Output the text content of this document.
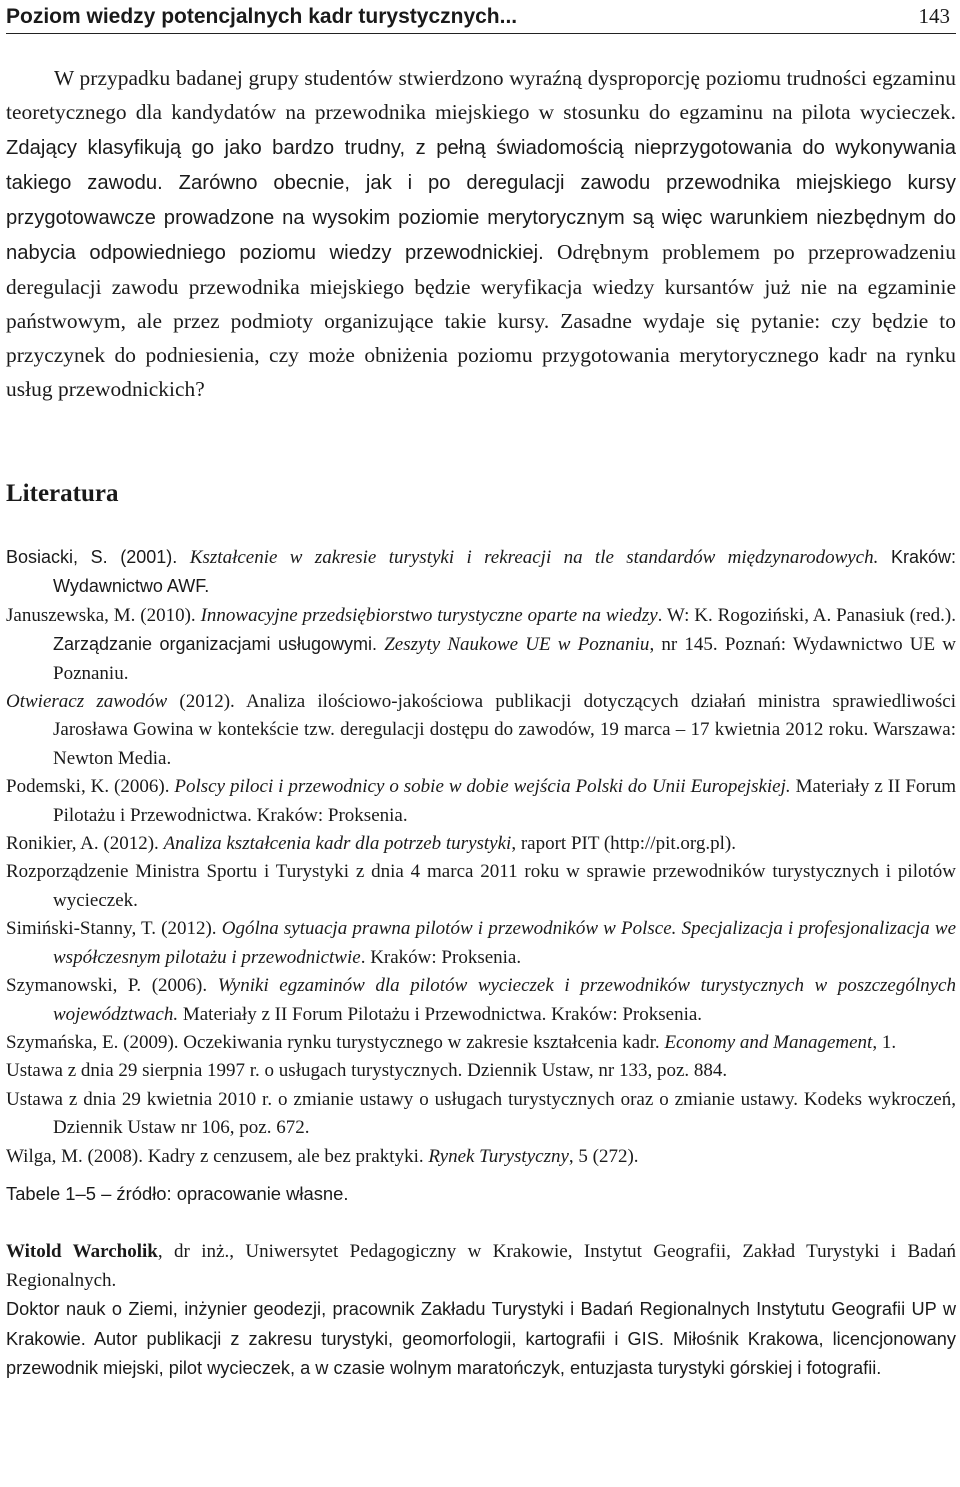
Poziom wiedzy potencjalnych kadr turystycznych...	143

W przypadku badanej grupy studentów stwierdzono wyraźną dysproporcję poziomu trudności egzaminu teoretycznego dla kandydatów na przewodnika miejskiego w stosunku do egzaminu na pilota wycieczek. Zdający klasyfikują go jako bardzo trudny, z pełną świadomością nieprzygotowania do wykonywania takiego zawodu. Zarówno obecnie, jak i po deregulacji zawodu przewodnika miejskiego kursy przygotowawcze prowadzone na wysokim poziomie merytorycznym są więc warunkiem niezbędnym do nabycia odpowiedniego poziomu wiedzy przewodnickiej. Odrębnym problemem po przeprowadzeniu deregulacji zawodu przewodnika miejskiego będzie weryfikacja wiedzy kursantów już nie na egzaminie państwowym, ale przez podmioty organizujące takie kursy. Zasadne wydaje się pytanie: czy będzie to przyczynek do podniesienia, czy może obniżenia poziomu przygotowania merytorycznego kadr na rynku usług przewodnickich?

Literatura
Bosiacki, S. (2001). Kształcenie w zakresie turystyki i rekreacji na tle standardów międzynarodowych. Kraków: Wydawnictwo AWF.
Januszewska, M. (2010). Innowacyjne przedsiębiorstwo turystyczne oparte na wiedzy. W: K. Rogoziński, A. Panasiuk (red.). Zarządzanie organizacjami usługowymi. Zeszyty Naukowe UE w Poznaniu, nr 145. Poznań: Wydawnictwo UE w Poznaniu.
Otwieracz zawodów (2012). Analiza ilościowo-jakościowa publikacji dotyczących działań ministra sprawiedliwości Jarosława Gowina w kontekście tzw. deregulacji dostępu do zawodów, 19 marca – 17 kwietnia 2012 roku. Warszawa: Newton Media.
Podemski, K. (2006). Polscy piloci i przewodnicy o sobie w dobie wejścia Polski do Unii Europejskiej. Materiały z II Forum Pilotażu i Przewodnictwa. Kraków: Proksenia.
Ronikier, A. (2012). Analiza kształcenia kadr dla potrzeb turystyki, raport PIT (http://pit.org.pl).
Rozporządzenie Ministra Sportu i Turystyki z dnia 4 marca 2011 roku w sprawie przewodników turystycznych i pilotów wycieczek.
Simiński-Stanny, T. (2012). Ogólna sytuacja prawna pilotów i przewodników w Polsce. Specjalizacja i profesjonalizacja we współczesnym pilotażu i przewodnictwie. Kraków: Proksenia.
Szymanowski, P. (2006). Wyniki egzaminów dla pilotów wycieczek i przewodników turystycznych w poszczególnych województwach. Materiały z II Forum Pilotażu i Przewodnictwa. Kraków: Proksenia.
Szymańska, E. (2009). Oczekiwania rynku turystycznego w zakresie kształcenia kadr. Economy and Management, 1.
Ustawa z dnia 29 sierpnia 1997 r. o usługach turystycznych. Dziennik Ustaw, nr 133, poz. 884.
Ustawa z dnia 29 kwietnia 2010 r. o zmianie ustawy o usługach turystycznych oraz o zmianie ustawy. Kodeks wykroczeń, Dziennik Ustaw nr 106, poz. 672.
Wilga, M. (2008). Kadry z cenzusem, ale bez praktyki. Rynek Turystyczny, 5 (272).

Tabele 1–5 – źródło: opracowanie własne.

Witold Warcholik, dr inż., Uniwersytet Pedagogiczny w Krakowie, Instytut Geografii, Zakład Turystyki i Badań Regionalnych.
Doktor nauk o Ziemi, inżynier geodezji, pracownik Zakładu Turystyki i Badań Regionalnych Instytutu Geografii UP w Krakowie. Autor publikacji z zakresu turystyki, geomorfologii, kartografii i GIS. Miłośnik Krakowa, licencjonowany przewodnik miejski, pilot wycieczek, a w czasie wolnym maratończyk, entuzjasta turystyki górskiej i fotografii.
